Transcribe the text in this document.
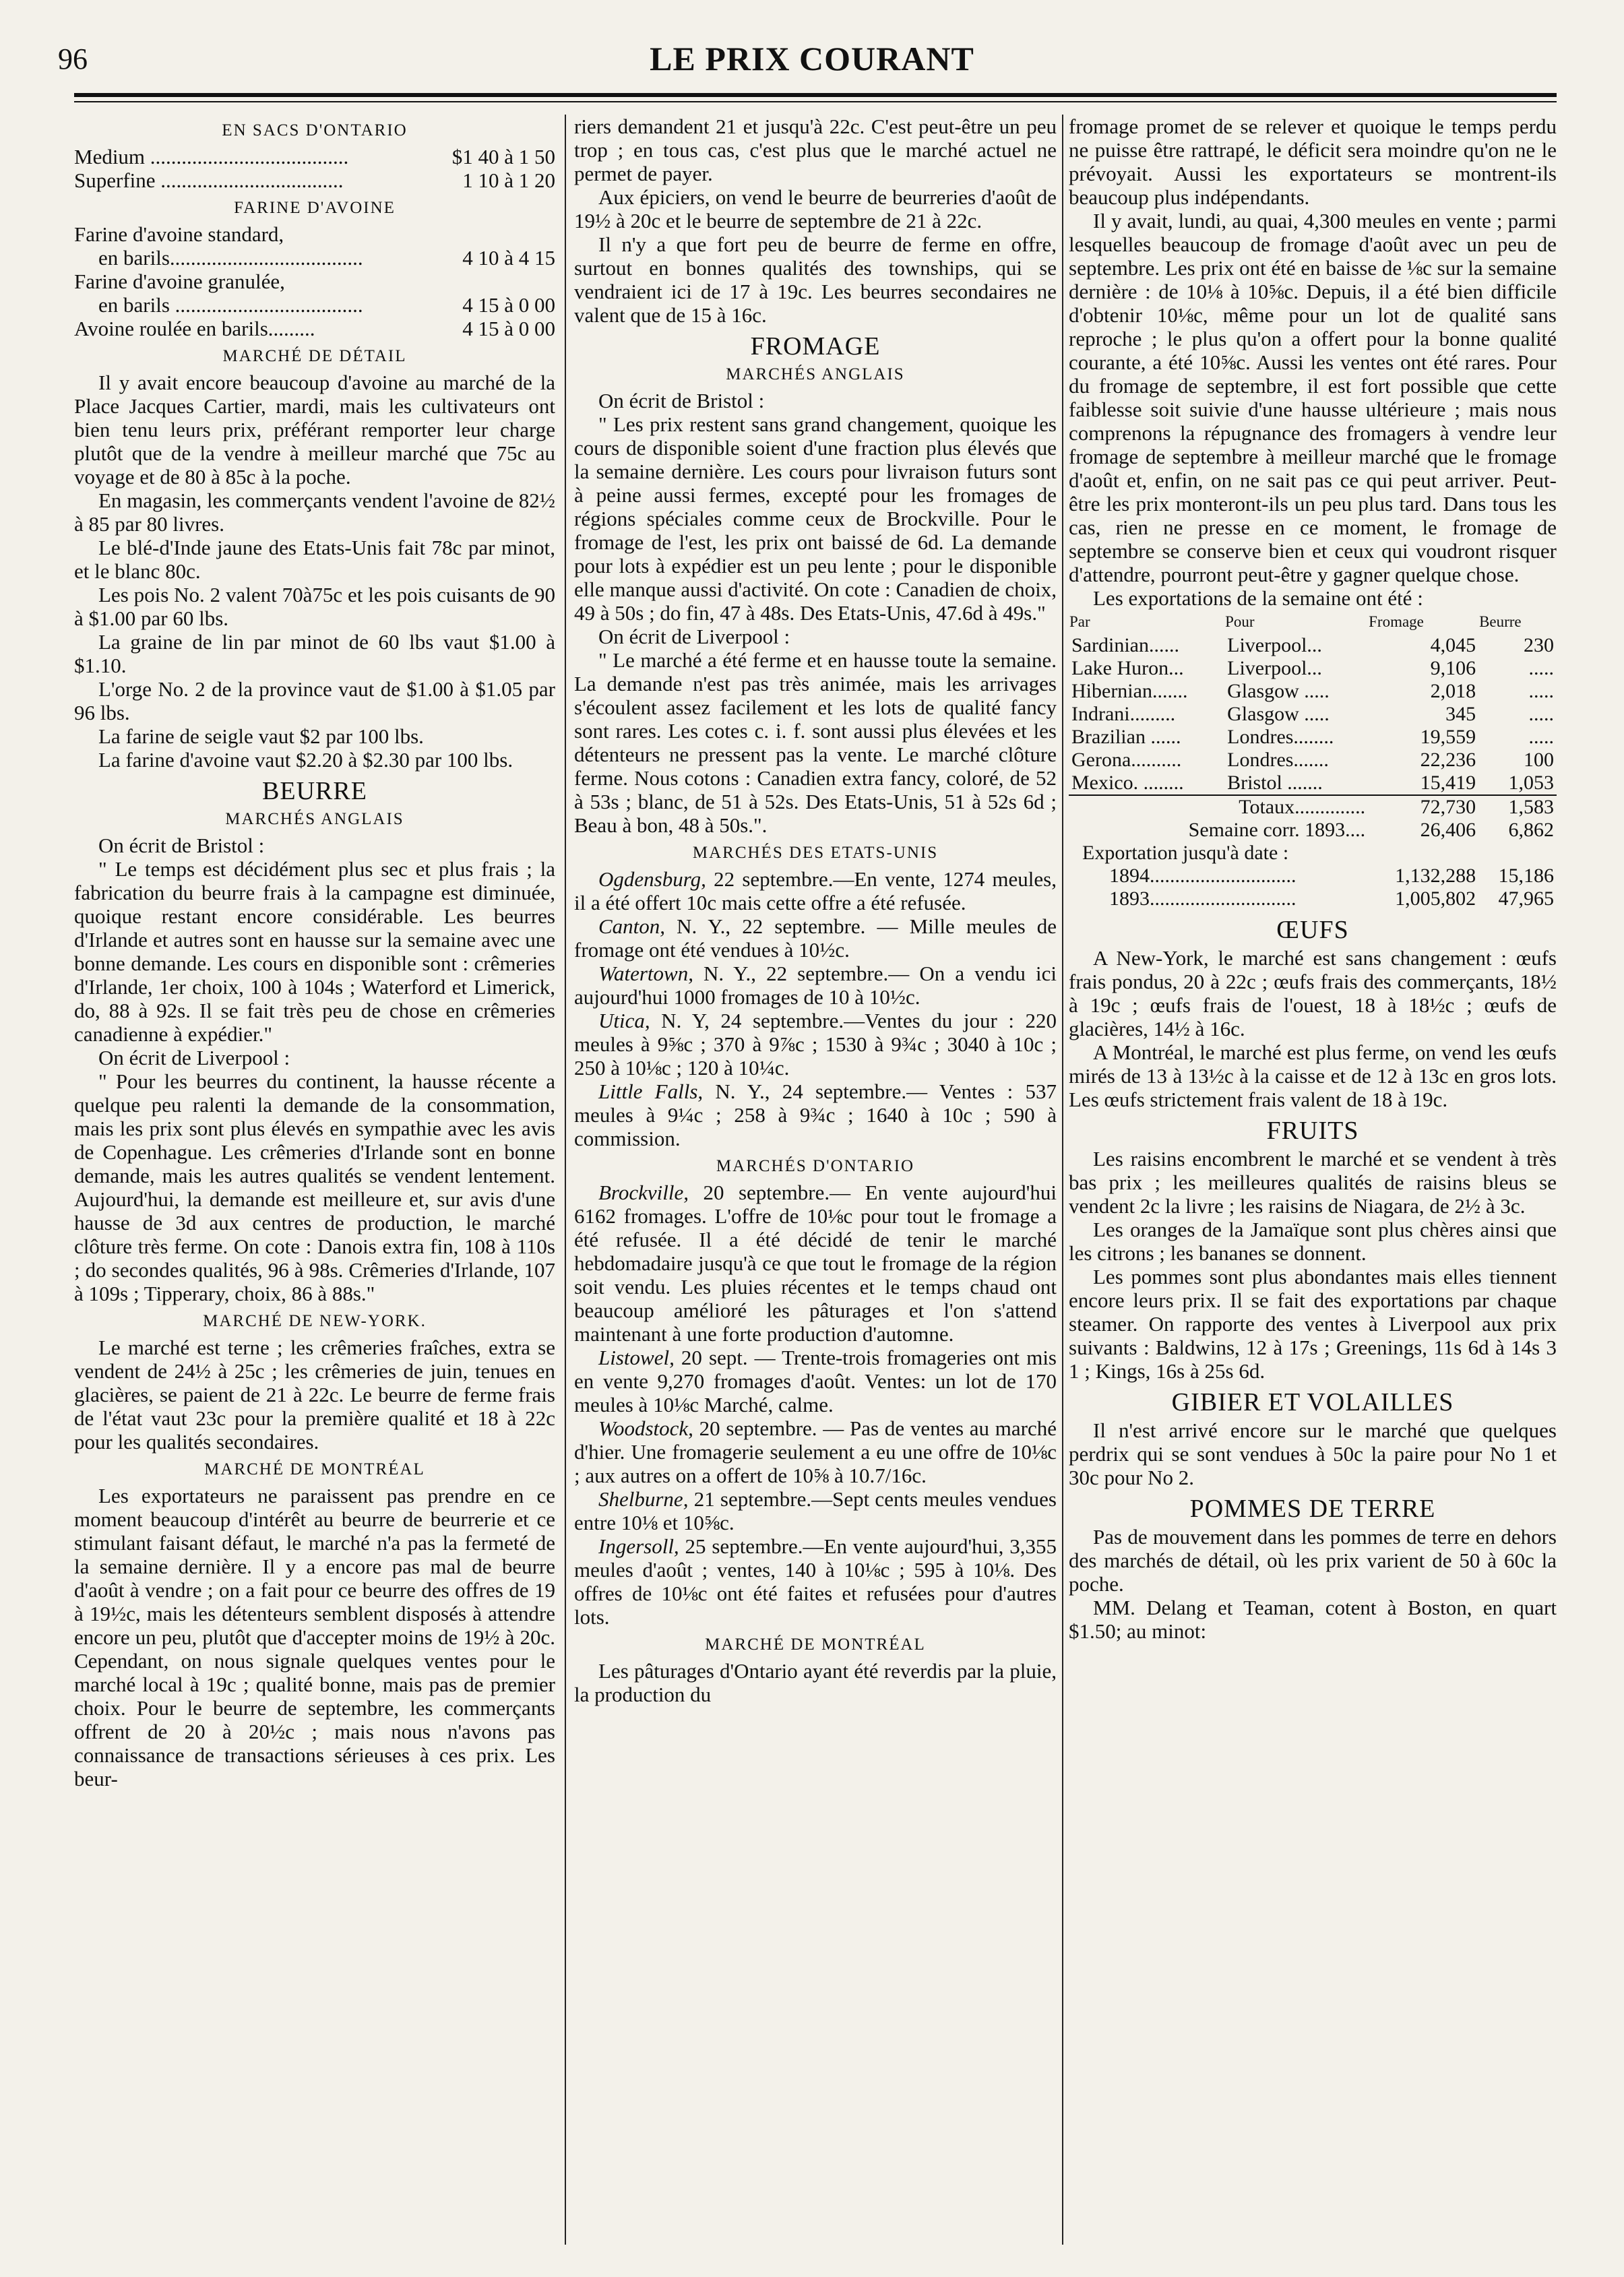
96	LE PRIX COURANT
EN SACS D'ONTARIO
Medium ......................................	$1 40 à 1 50
Superfine ...................................	1 10 à 1 20
FARINE D'AVOINE

Farine d'avoine standard,

en barils.....................................	4 10 à 4 15

Farine d'avoine granulée,

en barils ....................................	4 15 à 0 00
Avoine roulée en barils.........	4 15 à 0 00
MARCHÉ DE DÉTAIL

Il y avait encore beaucoup d'avoine au marché de la Place Jacques Cartier, mardi, mais les cultivateurs ont bien tenu leurs prix, préférant remporter leur charge plutôt que de la vendre à meilleur marché que 75c au voyage et de 80 à 85c à la poche.

En magasin, les commerçants vendent l'avoine de 82½ à 85 par 80 livres.

Le blé-d'Inde jaune des Etats-Unis fait 78c par minot, et le blanc 80c.

Les pois No. 2 valent 70à75c et les pois cuisants de 90 à $1.00 par 60 lbs.

La graine de lin par minot de 60 lbs vaut $1.00 à $1.10.

L'orge No. 2 de la province vaut de $1.00 à $1.05 par 96 lbs.

La farine de seigle vaut $2 par 100 lbs.

La farine d'avoine vaut $2.20 à $2.30 par 100 lbs.

BEURRE
MARCHÉS ANGLAIS

On écrit de Bristol :

" Le temps est décidément plus sec et plus frais ; la fabrication du beurre frais à la campagne est diminuée, quoique restant encore considérable. Les beurres d'Irlande et autres sont en hausse sur la semaine avec une bonne demande. Les cours en disponible sont : crêmeries d'Irlande, 1er choix, 100 à 104s ; Waterford et Limerick, do, 88 à 92s. Il se fait très peu de chose en crêmeries canadienne à expédier."

On écrit de Liverpool :

" Pour les beurres du continent, la hausse récente a quelque peu ralenti la demande de la consommation, mais les prix sont plus élevés en sympathie avec les avis de Copenhague. Les crêmeries d'Irlande sont en bonne demande, mais les autres qualités se vendent lentement. Aujourd'hui, la demande est meilleure et, sur avis d'une hausse de 3d aux centres de production, le marché clôture très ferme. On cote : Danois extra fin, 108 à 110s ; do secondes qualités, 96 à 98s. Crêmeries d'Irlande, 107 à 109s ; Tipperary, choix, 86 à 88s."

MARCHÉ DE NEW-YORK.

Le marché est terne ; les crêmeries fraîches, extra se vendent de 24½ à 25c ; les crêmeries de juin, tenues en glacières, se paient de 21 à 22c. Le beurre de ferme frais de l'état vaut 23c pour la première qualité et 18 à 22c pour les qualités secondaires.

MARCHÉ DE MONTRÉAL

Les exportateurs ne paraissent pas prendre en ce moment beaucoup d'intérêt au beurre de beurrerie et ce stimulant faisant défaut, le marché n'a pas la fermeté de la semaine dernière. Il y a encore pas mal de beurre d'août à vendre ; on a fait pour ce beurre des offres de 19 à 19½c, mais les détenteurs semblent disposés à attendre encore un peu, plutôt que d'accepter moins de 19½ à 20c. Cependant, on nous signale quelques ventes pour le marché local à 19c ; qualité bonne, mais pas de premier choix. Pour le beurre de septembre, les commerçants offrent de 20 à 20½c ; mais nous n'avons pas connaissance de transactions sérieuses à ces prix. Les beur-

riers demandent 21 et jusqu'à 22c. C'est peut-être un peu trop ; en tous cas, c'est plus que le marché actuel ne permet de payer.

Aux épiciers, on vend le beurre de beurreries d'août de 19½ à 20c et le beurre de septembre de 21 à 22c.

Il n'y a que fort peu de beurre de ferme en offre, surtout en bonnes qualités des townships, qui se vendraient ici de 17 à 19c. Les beurres secondaires ne valent que de 15 à 16c.

FROMAGE
MARCHÉS ANGLAIS

On écrit de Bristol :

" Les prix restent sans grand changement, quoique les cours de disponible soient d'une fraction plus élevés que la semaine dernière. Les cours pour livraison futurs sont à peine aussi fermes, excepté pour les fromages de régions spéciales comme ceux de Brockville. Pour le fromage de l'est, les prix ont baissé de 6d. La demande pour lots à expédier est un peu lente ; pour le disponible elle manque aussi d'activité. On cote : Canadien de choix, 49 à 50s ; do fin, 47 à 48s. Des Etats-Unis, 47.6d à 49s."

On écrit de Liverpool :

" Le marché a été ferme et en hausse toute la semaine. La demande n'est pas très animée, mais les arrivages s'écoulent assez facilement et les lots de qualité fancy sont rares. Les cotes c. i. f. sont aussi plus élevées et les détenteurs ne pressent pas la vente. Le marché clôture ferme. Nous cotons : Canadien extra fancy, coloré, de 52 à 53s ; blanc, de 51 à 52s. Des Etats-Unis, 51 à 52s 6d ; Beau à bon, 48 à 50s.".

MARCHÉS DES ETATS-UNIS

Ogdensburg, 22 septembre.—En vente, 1274 meules, il a été offert 10c mais cette offre a été refusée.

Canton, N. Y., 22 septembre. — Mille meules de fromage ont été vendues à 10½c.

Watertown, N. Y., 22 septembre.— On a vendu ici aujourd'hui 1000 fromages de 10 à 10½c.

Utica, N. Y, 24 septembre.—Ventes du jour : 220 meules à 9⅝c ; 370 à 9⅞c ; 1530 à 9¾c ; 3040 à 10c ; 250 à 10⅛c ; 120 à 10¼c.

Little Falls, N. Y., 24 septembre.— Ventes : 537 meules à 9¼c ; 258 à 9¾c ; 1640 à 10c ; 590 à commission.

MARCHÉS D'ONTARIO

Brockville, 20 septembre.— En vente aujourd'hui 6162 fromages. L'offre de 10⅛c pour tout le fromage a été refusée. Il a été décidé de tenir le marché hebdomadaire jusqu'à ce que tout le fromage de la région soit vendu. Les pluies récentes et le temps chaud ont beaucoup amélioré les pâturages et l'on s'attend maintenant à une forte production d'automne.

Listowel, 20 sept. — Trente-trois fromageries ont mis en vente 9,270 fromages d'août. Ventes: un lot de 170 meules à 10⅛c Marché, calme.

Woodstock, 20 septembre. — Pas de ventes au marché d'hier. Une fromagerie seulement a eu une offre de 10⅛c ; aux autres on a offert de 10⅝ à 10.7/16c.

Shelburne, 21 septembre.—Sept cents meules vendues entre 10⅛ et 10⅝c.

Ingersoll, 25 septembre.—En vente aujourd'hui, 3,355 meules d'août ; ventes, 140 à 10⅛c ; 595 à 10⅛. Des offres de 10⅛c ont été faites et refusées pour d'autres lots.

MARCHÉ DE MONTRÉAL

Les pâturages d'Ontario ayant été reverdis par la pluie, la production du

fromage promet de se relever et quoique le temps perdu ne puisse être rattrapé, le déficit sera moindre qu'on ne le prévoyait. Aussi les exportateurs se montrent-ils beaucoup plus indépendants.

Il y avait, lundi, au quai, 4,300 meules en vente ; parmi lesquelles beaucoup de fromage d'août avec un peu de septembre. Les prix ont été en baisse de ⅛c sur la semaine dernière : de 10⅛ à 10⅝c. Depuis, il a été bien difficile d'obtenir 10⅛c, même pour un lot de qualité sans reproche ; le plus qu'on a offert pour la bonne qualité courante, a été 10⅝c. Aussi les ventes ont été rares. Pour du fromage de septembre, il est fort possible que cette faiblesse soit suivie d'une hausse ultérieure ; mais nous comprenons la répugnance des fromagers à vendre leur fromage de septembre à meilleur marché que le fromage d'août et, enfin, on ne sait pas ce qui peut arriver. Peut-être les prix monteront-ils un peu plus tard. Dans tous les cas, rien ne presse en ce moment, le fromage de septembre se conserve bien et ceux qui voudront risquer d'attendre, pourront peut-être y gagner quelque chose.

Les exportations de la semaine ont été :

Par	Pour	Fromage	Beurre
Sardinian......	Liverpool...	4,045	230
Lake Huron...	Liverpool...	9,106	.....
Hibernian.......	Glasgow .....	2,018	.....
Indrani.........	Glasgow .....	345	.....
Brazilian ......	Londres........	19,559	.....
Gerona..........	Londres.......	22,236	100
Mexico. ........	Bristol .......	15,419	1,053
Totaux..............		72,730	1,583
Semaine corr. 1893....		26,406	6,862
Exportation jusqu'à date :			
1894.............................		1,132,288	15,186
1893.............................		1,005,802	47,965
ŒUFS

A New-York, le marché est sans changement : œufs frais pondus, 20 à 22c ; œufs frais des commerçants, 18½ à 19c ; œufs frais de l'ouest, 18 à 18½c ; œufs de glacières, 14½ à 16c.

A Montréal, le marché est plus ferme, on vend les œufs mirés de 13 à 13½c à la caisse et de 12 à 13c en gros lots. Les œufs strictement frais valent de 18 à 19c.

FRUITS

Les raisins encombrent le marché et se vendent à très bas prix ; les meilleures qualités de raisins bleus se vendent 2c la livre ; les raisins de Niagara, de 2½ à 3c.

Les oranges de la Jamaïque sont plus chères ainsi que les citrons ; les bananes se donnent.

Les pommes sont plus abondantes mais elles tiennent encore leurs prix. Il se fait des exportations par chaque steamer. On rapporte des ventes à Liverpool aux prix suivants : Baldwins, 12 à 17s ; Greenings, 11s 6d à 14s 3 1 ; Kings, 16s à 25s 6d.

GIBIER ET VOLAILLES

Il n'est arrivé encore sur le marché que quelques perdrix qui se sont vendues à 50c la paire pour No 1 et 30c pour No 2.

POMMES DE TERRE

Pas de mouvement dans les pommes de terre en dehors des marchés de détail, où les prix varient de 50 à 60c la poche.

MM. Delang et Teaman, cotent à Boston, en quart $1.50; au minot:
